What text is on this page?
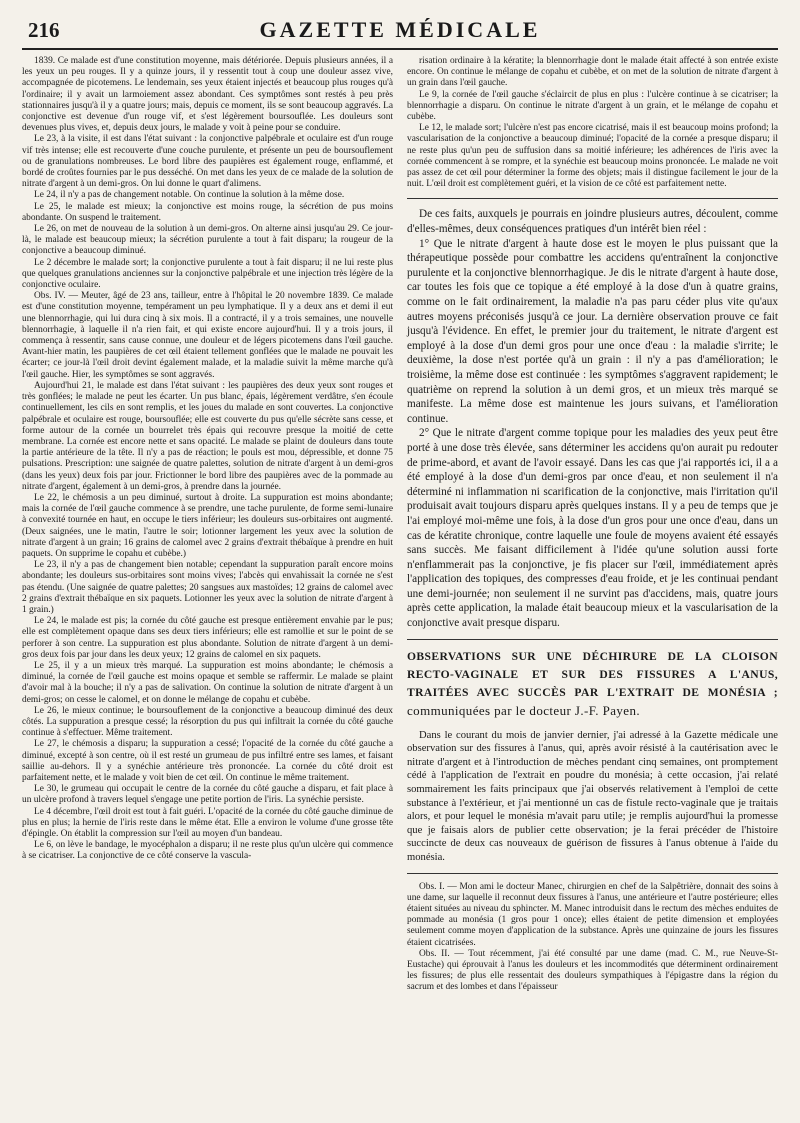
216	GAZETTE MÉDICALE

1839. Ce malade est d'une constitution moyenne, mais détériorée. Depuis plusieurs années, il a les yeux un peu rouges. Il y a quinze jours, il y ressentit tout à coup une douleur assez vive, accompagnée de picotemens. Le lendemain, ses yeux étaient injectés et beaucoup plus rouges qu'à l'ordinaire; il y avait un larmoiement assez abondant. Ces symptômes sont restés à peu près stationnaires jusqu'à il y a quatre jours; mais, depuis ce moment, ils se sont beaucoup aggravés. La conjonctive est devenue d'un rouge vif, et s'est légèrement boursouflée. Les douleurs sont devenues plus vives, et, depuis deux jours, le malade y voit à peine pour se conduire.

Le 23, à la visite, il est dans l'état suivant : la conjonctive palpébrale et oculaire est d'un rouge vif très intense; elle est recouverte d'une couche purulente, et présente un peu de boursouflement ou de granulations nombreuses. Le bord libre des paupières est également rouge, enflammé, et bordé de croûtes fournies par le pus desséché. On met dans les yeux de ce malade de la solution de nitrate d'argent à un demi-gros. On lui donne le quart d'alimens.

Le 24, il n'y a pas de changement notable. On continue la solution à la même dose.

Le 25, le malade est mieux; la conjonctive est moins rouge, la sécrétion de pus moins abondante. On suspend le traitement.

Le 26, on met de nouveau de la solution à un demi-gros. On alterne ainsi jusqu'au 29. Ce jour-là, le malade est beaucoup mieux; la sécrétion purulente a tout à fait disparu; la rougeur de la conjonctive a beaucoup diminué.

Le 2 décembre le malade sort; la conjonctive purulente a tout à fait disparu; il ne lui reste plus que quelques granulations anciennes sur la conjonctive palpébrale et une injection très légère de la conjonctive oculaire.

Obs. IV. — Meuter, âgé de 23 ans, tailleur, entre à l'hôpital le 20 novembre 1839. Ce malade est d'une constitution moyenne, tempérament un peu lymphatique. Il y a deux ans et demi il eut une blennorrhagie, qui lui dura cinq à six mois. Il a contracté, il y a trois semaines, une nouvelle blennorrhagie, à laquelle il n'a rien fait, et qui existe encore aujourd'hui. Il y a trois jours, il commença à ressentir, sans cause connue, une douleur et de légers picotemens dans l'œil gauche. Avant-hier matin, les paupières de cet œil étaient tellement gonflées que le malade ne pouvait les écarter; ce jour-là l'œil droit devint également malade, et la maladie suivit la même marche qu'à l'œil gauche. Hier, les symptômes se sont aggravés.

Aujourd'hui 21, le malade est dans l'état suivant : les paupières des deux yeux sont rouges et très gonflées; le malade ne peut les écarter. Un pus blanc, épais, légèrement verdâtre, s'en écoule continuellement, les cils en sont remplis, et les joues du malade en sont couvertes. La conjonctive palpébrale et oculaire est rouge, boursouflée; elle est couverte du pus qu'elle sécrète sans cesse, et forme autour de la cornée un bourrelet très épais qui recouvre presque la moitié de cette membrane. La cornée est encore nette et sans opacité. Le malade se plaint de douleurs dans toute la partie antérieure de la tête. Il n'y a pas de réaction; le pouls est mou, dépressible, et donne 75 pulsations. Prescription: une saignée de quatre palettes, solution de nitrate d'argent à un demi-gros (dans les yeux) deux fois par jour. Frictionner le bord libre des paupières avec de la pommade au nitrate d'argent, également à un demi-gros, à prendre dans la journée.

Le 22, le chémosis a un peu diminué, surtout à droite. La suppuration est moins abondante; mais la cornée de l'œil gauche commence à se prendre, une tache purulente, de forme semi-lunaire à convexité tournée en haut, en occupe le tiers inférieur; les douleurs sus-orbitaires ont augmenté. (Deux saignées, une le matin, l'autre le soir; lotionner largement les yeux avec la solution de nitrate d'argent à un grain; 16 grains de calomel avec 2 grains d'extrait thébaïque à prendre en huit paquets. On supprime le copahu et cubèbe.)

Le 23, il n'y a pas de changement bien notable; cependant la suppuration paraît encore moins abondante; les douleurs sus-orbitaires sont moins vives; l'abcès qui envahissait la cornée ne s'est pas étendu. (Une saignée de quatre palettes; 20 sangsues aux mastoïdes; 12 grains de calomel avec 2 grains d'extrait thébaïque en six paquets. Lotionner les yeux avec la solution de nitrate d'argent à 1 grain.)

Le 24, le malade est pis; la cornée du côté gauche est presque entièrement envahie par le pus; elle est complètement opaque dans ses deux tiers inférieurs; elle est ramollie et sur le point de se perforer à son centre. La suppuration est plus abondante. Solution de nitrate d'argent à un demi-gros deux fois par jour dans les deux yeux; 12 grains de calomel en six paquets.

Le 25, il y a un mieux très marqué. La suppuration est moins abondante; le chémosis a diminué, la cornée de l'œil gauche est moins opaque et semble se raffermir. Le malade se plaint d'avoir mal à la bouche; il n'y a pas de salivation. On continue la solution de nitrate d'argent à un demi-gros; on cesse le calomel, et on donne le mélange de copahu et cubèbe.

Le 26, le mieux continue; le boursouflement de la conjonctive a beaucoup diminué des deux côtés. La suppuration a presque cessé; la résorption du pus qui infiltrait la cornée du côté gauche continue à s'effectuer. Même traitement.

Le 27, le chémosis a disparu; la suppuration a cessé; l'opacité de la cornée du côté gauche a diminué, excepté à son centre, où il est resté un grumeau de pus infiltré entre ses lames, et faisant saillie au-dehors. Il y a synéchie antérieure très prononcée. La cornée du côté droit est parfaitement nette, et le malade y voit bien de cet œil. On continue le même traitement.

Le 30, le grumeau qui occupait le centre de la cornée du côté gauche a disparu, et fait place à un ulcère profond à travers lequel s'engage une petite portion de l'iris. La synéchie persiste.

Le 4 décembre, l'œil droit est tout à fait guéri. L'opacité de la cornée du côté gauche diminue de plus en plus; la hernie de l'iris reste dans le même état. Elle a environ le volume d'une grosse tête d'épingle. On établit la compression sur l'œil au moyen d'un bandeau.

Le 6, on lève le bandage, le myocéphalon a disparu; il ne reste plus qu'un ulcère qui commence à se cicatriser. La conjonctive de ce côté conserve la vascula-

risation ordinaire à la kératite; la blennorrhagie dont le malade était affecté à son entrée existe encore. On continue le mélange de copahu et cubèbe, et on met de la solution de nitrate d'argent à un grain dans l'œil gauche.

Le 9, la cornée de l'œil gauche s'éclaircit de plus en plus : l'ulcère continue à se cicatriser; la blennorrhagie a disparu. On continue le nitrate d'argent à un grain, et le mélange de copahu et cubèbe.

Le 12, le malade sort; l'ulcère n'est pas encore cicatrisé, mais il est beaucoup moins profond; la vascularisation de la conjonctive a beaucoup diminué; l'opacité de la cornée a presque disparu; il ne reste plus qu'un peu de suffusion dans sa moitié inférieure; les adhérences de l'iris avec la cornée commencent à se rompre, et la synéchie est beaucoup moins prononcée. Le malade ne voit pas assez de cet œil pour déterminer la forme des objets; mais il distingue facilement le jour de la nuit. L'œil droit est complètement guéri, et la vision de ce côté est parfaitement nette.

De ces faits, auxquels je pourrais en joindre plusieurs autres, découlent, comme d'elles-mêmes, deux conséquences pratiques d'un intérêt bien réel :

1° Que le nitrate d'argent à haute dose est le moyen le plus puissant que la thérapeutique possède pour combattre les accidens qu'entraînent la conjonctive purulente et la conjonctive blennorrhagique. Je dis le nitrate d'argent à haute dose, car toutes les fois que ce topique a été employé à la dose d'un à quatre grains, comme on le fait ordinairement, la maladie n'a pas paru céder plus vite qu'aux autres moyens préconisés jusqu'à ce jour. La dernière observation prouve ce fait jusqu'à l'évidence. En effet, le premier jour du traitement, le nitrate d'argent est employé à la dose d'un demi gros pour une once d'eau : la maladie s'irrite; le deuxième, la dose n'est portée qu'à un grain : il n'y a pas d'amélioration; le troisième, la même dose est continuée : les symptômes s'aggravent rapidement; le quatrième on reprend la solution à un demi gros, et un mieux très marqué se manifeste. La même dose est maintenue les jours suivans, et l'amélioration continue.

2° Que le nitrate d'argent comme topique pour les maladies des yeux peut être porté à une dose très élevée, sans déterminer les accidens qu'on aurait pu redouter de prime-abord, et avant de l'avoir essayé. Dans les cas que j'ai rapportés ici, il a a été employé à la dose d'un demi-gros par once d'eau, et non seulement il n'a déterminé ni inflammation ni scarification de la conjonctive, mais l'irritation qu'il produisait avait toujours disparu après quelques instans. Il y a peu de temps que je l'ai employé moi-même une fois, à la dose d'un gros pour une once d'eau, dans un cas de kératite chronique, contre laquelle une foule de moyens avaient été essayés sans succès. Me faisant difficilement à l'idée qu'une solution aussi forte n'enflammerait pas la conjonctive, je fis placer sur l'œil, immédiatement après l'application des topiques, des compresses d'eau froide, et je les continuai pendant une demi-journée; non seulement il ne survint pas d'accidens, mais, quatre jours après cette application, la malade était beaucoup mieux et la vascularisation de la conjonctive avait presque disparu.

OBSERVATIONS SUR UNE DÉCHIRURE DE LA CLOISON RECTO-VAGINALE ET SUR DES FISSURES A L'ANUS, TRAITÉES AVEC SUCCÈS PAR L'EXTRAIT DE MONÉSIA ; communiquées par le docteur J.-F. Payen.

Dans le courant du mois de janvier dernier, j'ai adressé à la Gazette médicale une observation sur des fissures à l'anus, qui, après avoir résisté à la cautérisation avec le nitrate d'argent et à l'introduction de mèches pendant cinq semaines, ont promptement cédé à l'application de l'extrait en poudre du monésia; à cette occasion, j'ai relaté sommairement les faits principaux que j'ai observés relativement à l'emploi de cette substance à l'extérieur, et j'ai mentionné un cas de fistule recto-vaginale que je traitais alors, et pour lequel le monésia m'avait paru utile; je remplis aujourd'hui la promesse que je faisais alors de publier cette observation; je la ferai précéder de l'histoire succincte de deux cas nouveaux de guérison de fissures à l'anus obtenue à l'aide du monésia.

Obs. I. — Mon ami le docteur Manec, chirurgien en chef de la Salpêtrière, donnait des soins à une dame, sur laquelle il reconnut deux fissures à l'anus, une antérieure et l'autre postérieure; elles étaient situées au niveau du sphincter. M. Manec introduisit dans le rectum des mèches enduites de pommade au monésia (1 gros pour 1 once); elles étaient de petite dimension et employées seulement comme moyen d'application de la substance. Après une quinzaine de jours les fissures étaient cicatrisées.

Obs. II. — Tout récemment, j'ai été consulté par une dame (mad. C. M., rue Neuve-St-Eustache) qui éprouvait à l'anus les douleurs et les incommodités que déterminent ordinairement les fissures; de plus elle ressentait des douleurs sympathiques à l'épigastre dans la région du sacrum et des lombes et dans l'épaisseur
